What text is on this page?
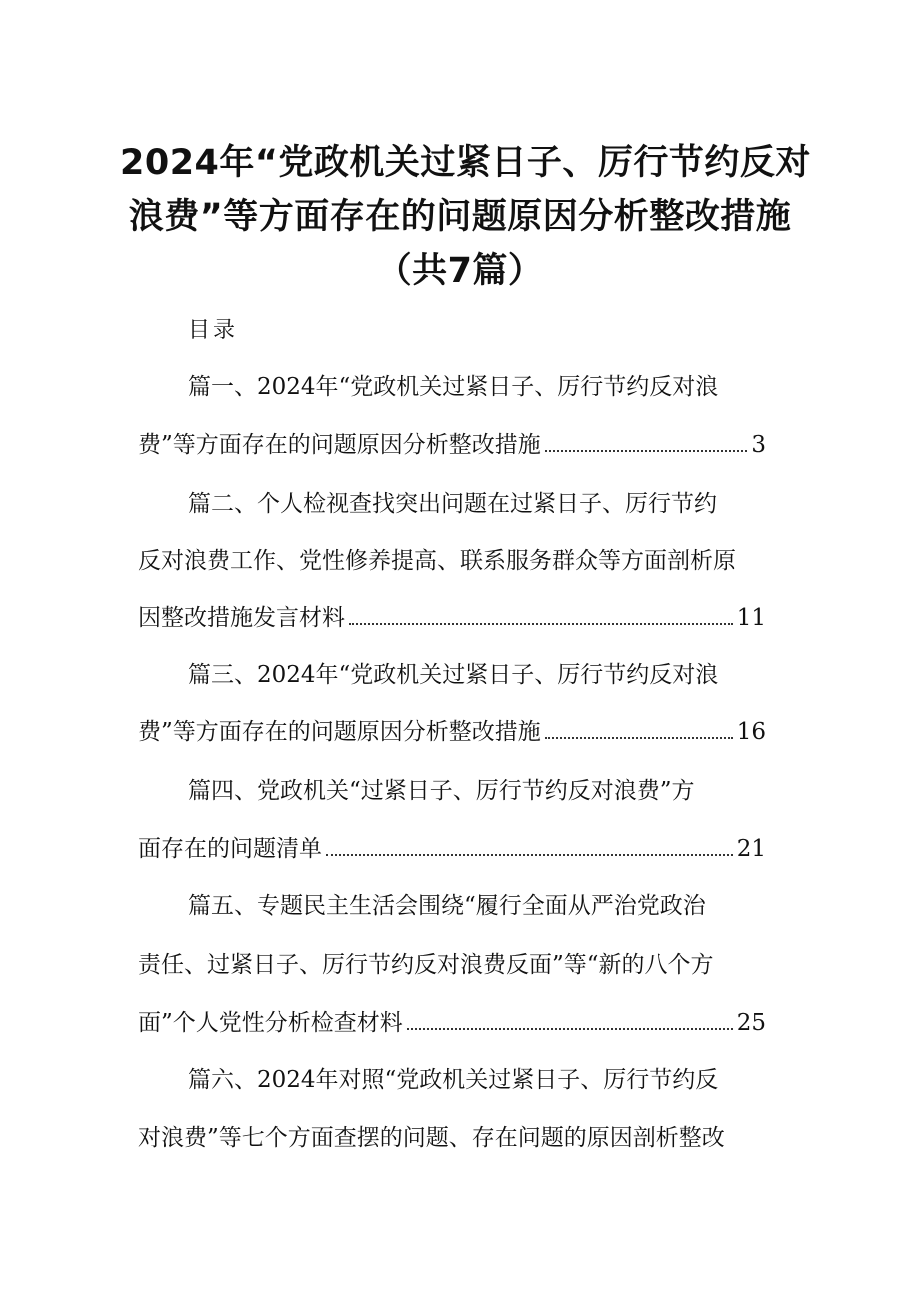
2024年“党政机关过紧日子、厉行节约反对
浪费”等方面存在的问题原因分析整改措施
（共7篇）
目录
篇一、2024年“党政机关过紧日子、厉行节约反对浪
费”等方面存在的问题原因分析整改措施	3
篇二、个人检视查找突出问题在过紧日子、厉行节约
反对浪费工作、党性修养提高、联系服务群众等方面剖析原
因整改措施发言材料	11
篇三、2024年“党政机关过紧日子、厉行节约反对浪
费”等方面存在的问题原因分析整改措施	16
篇四、党政机关“过紧日子、厉行节约反对浪费”方
面存在的问题清单	21
篇五、专题民主生活会围绕“履行全面从严治党政治
责任、过紧日子、厉行节约反对浪费反面”等“新的八个方
面”个人党性分析检查材料	25
篇六、2024年对照“党政机关过紧日子、厉行节约反
对浪费”等七个方面查摆的问题、存在问题的原因剖析整改
